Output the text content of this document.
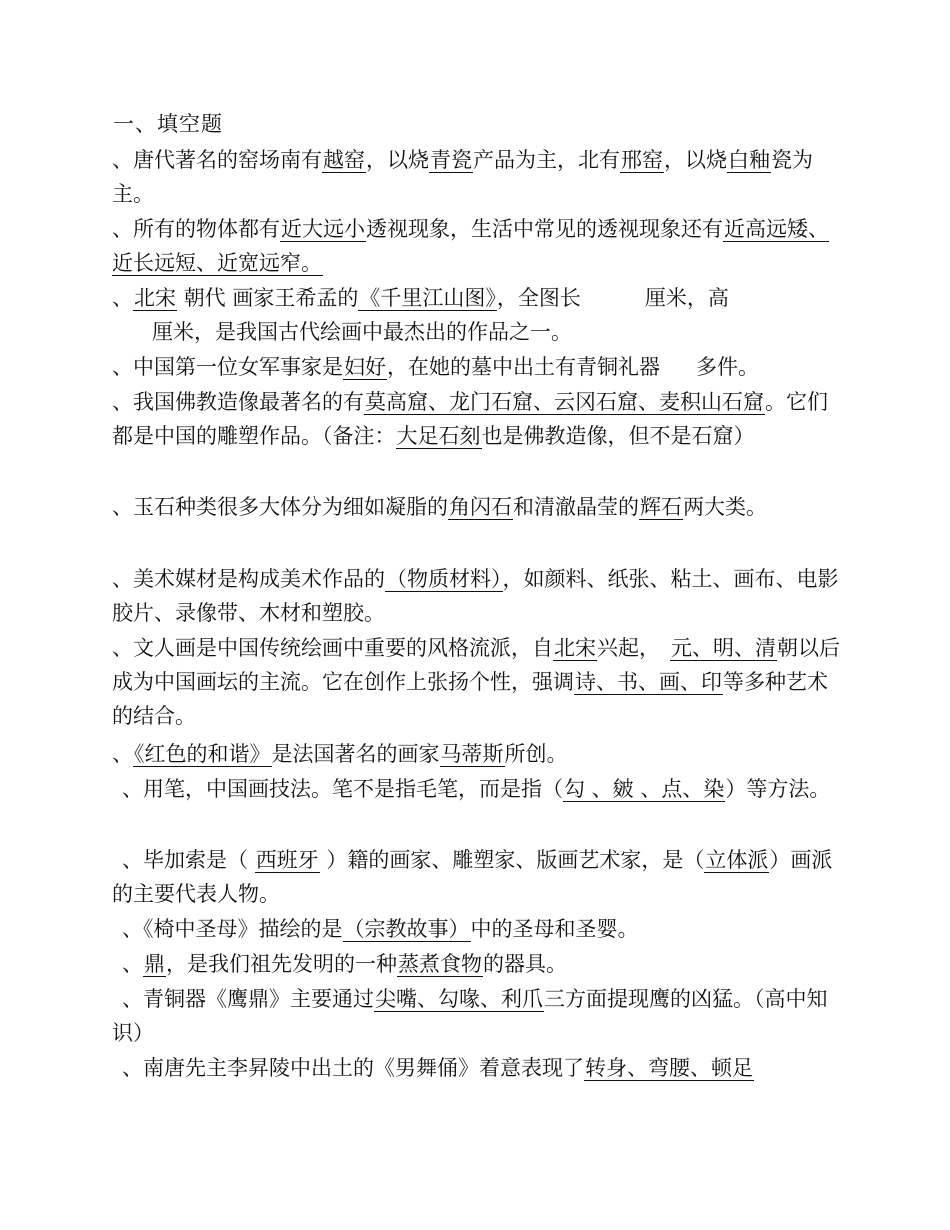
一、填空题
、唐代著名的窑场南有越窑，以烧青瓷产品为主，北有邢窑，以烧白釉瓷为主。
、所有的物体都有近大远小透视现象，生活中常见的透视现象还有近高远矮、近长远短、近宽远窄。
、北宋 朝代 画家王希孟的《千里江山图》，全图长	厘米，高
厘米，是我国古代绘画中最杰出的作品之一。
、中国第一位女军事家是妇好，在她的墓中出土有青铜礼器 多件。
、我国佛教造像最著名的有莫高窟、龙门石窟、云冈石窟、麦积山石窟。它们都是中国的雕塑作品。（备注：大足石刻也是佛教造像，但不是石窟）
、玉石种类很多大体分为细如凝脂的角闪石和清澈晶莹的辉石两大类。
、美术媒材是构成美术作品的（物质材料），如颜料、纸张、粘土、画布、电影胶片、录像带、木材和塑胶。
、文人画是中国传统绘画中重要的风格流派，自北宋兴起， 元、明、清朝以后成为中国画坛的主流。它在创作上张扬个性，强调诗、书、画、印等多种艺术的结合。
、《红色的和谐》是法国著名的画家马蒂斯所创。
、用笔，中国画技法。笔不是指毛笔，而是指（勾 、皴 、点、染）等方法。
、毕加索是（ 西班牙 ）籍的画家、雕塑家、版画艺术家，是（立体派）画派的主要代表人物。
、《椅中圣母》描绘的是（宗教故事）中的圣母和圣婴。
、鼎，是我们祖先发明的一种蒸煮食物的器具。
、青铜器《鹰鼎》主要通过尖嘴、勾喙、利爪三方面提现鹰的凶猛。（高中知识）
、南唐先主李昇陵中出土的《男舞俑》着意表现了转身、弯腰、顿足
